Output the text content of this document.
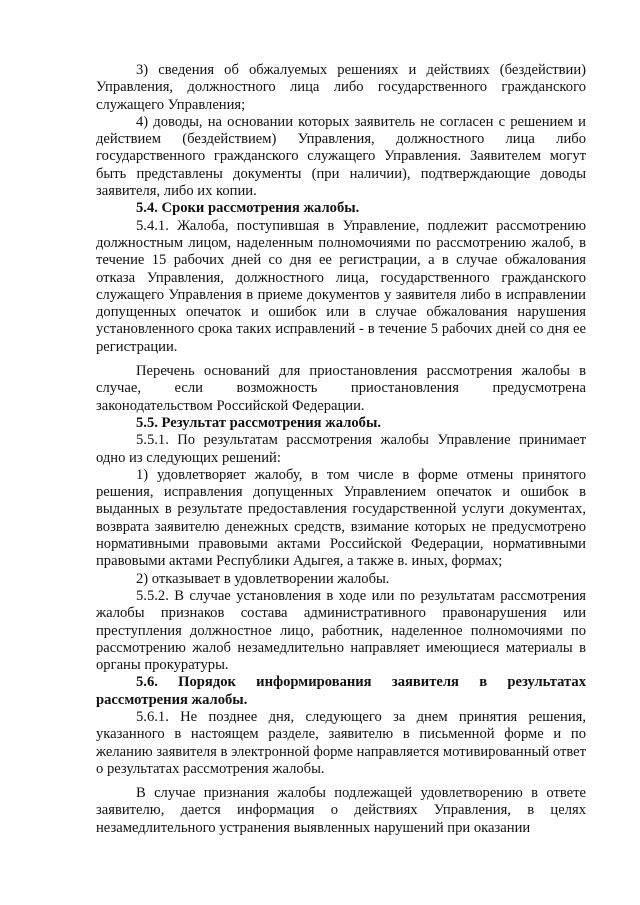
3) сведения об обжалуемых решениях и действиях (бездействии) Управления, должностного лица либо государственного гражданского служащего Управления;

4) доводы, на основании которых заявитель не согласен с решением и действием (бездействием) Управления, должностного лица либо государственного гражданского служащего Управления. Заявителем могут быть представлены документы (при наличии), подтверждающие доводы заявителя, либо их копии.

5.4. Сроки рассмотрения жалобы.

5.4.1. Жалоба, поступившая в Управление, подлежит рассмотрению должностным лицом, наделенным полномочиями по рассмотрению жалоб, в течение 15 рабочих дней со дня ее регистрации, а в случае обжалования отказа Управления, должностного лица, государственного гражданского служащего Управления в приеме документов у заявителя либо в исправлении допущенных опечаток и ошибок или в случае обжалования нарушения установленного срока таких исправлений - в течение 5 рабочих дней со дня ее регистрации.

Перечень оснований для приостановления рассмотрения жалобы в случае, если возможность приостановления предусмотрена законодательством Российской Федерации.

5.5. Результат рассмотрения жалобы.

5.5.1. По результатам рассмотрения жалобы Управление принимает одно из следующих решений:

1) удовлетворяет жалобу, в том числе в форме отмены принятого решения, исправления допущенных Управлением опечаток и ошибок в выданных в результате предоставления государственной услуги документах, возврата заявителю денежных средств, взимание которых не предусмотрено нормативными правовыми актами Российской Федерации, нормативными правовыми актами Республики Адыгея, а также в. иных, формах;

2) отказывает в удовлетворении жалобы.

5.5.2. В случае установления в ходе или по результатам рассмотрения жалобы признаков состава административного правонарушения или преступления должностное лицо, работник, наделенное полномочиями по рассмотрению жалоб незамедлительно направляет имеющиеся материалы в органы прокуратуры.

5.6. Порядок информирования заявителя в результатах рассмотрения жалобы.

5.6.1. Не позднее дня, следующего за днем принятия решения, указанного в настоящем разделе, заявителю в письменной форме и по желанию заявителя в электронной форме направляется мотивированный ответ о результатах рассмотрения жалобы.

В случае признания жалобы подлежащей удовлетворению в ответе заявителю, дается информация о действиях Управления, в целях незамедлительного устранения выявленных нарушений при оказании
